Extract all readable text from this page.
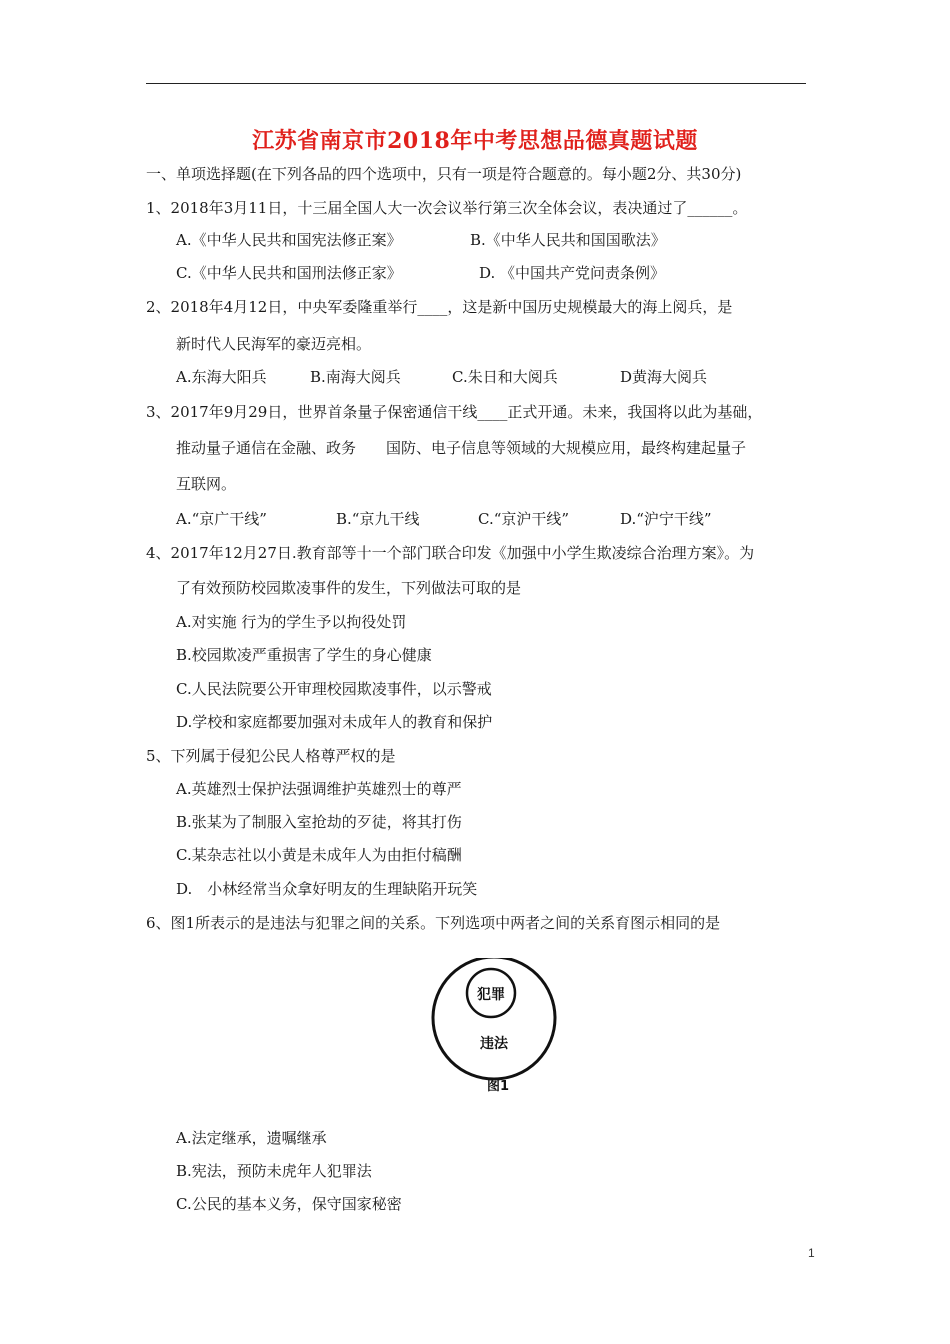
江苏省南京市2018年中考思想品德真题试题
一、单项选择题(在下列各品的四个选项中，只有一项是符合题意的。每小题2分、共30分)
1、2018年3月11日，十三届全国人大一次会议举行第三次全体会议，表决通过了______。
A.《中华人民共和国宪法修正案》	B.《中华人民共和国国歌法》
C.《中华人民共和国刑法修正家》	D. 《中国共产党问责条例》
2、2018年4月12日，中央军委隆重举行____，这是新中国历史规模最大的海上阅兵，是
新时代人民海军的豪迈亮相。
A.东海大阳兵	B.南海大阅兵	C.朱日和大阅兵	D黄海大阅兵
3、2017年9月29日，世界首条量子保密通信干线____正式开通。未来，我国将以此为基础，
推动量子通信在金融、政务　　国防、电子信息等领域的大规模应用，最终构建起量子
互联网。
A.“京广干线”	B.“京九干线	C.“京沪干线”	D.“沪宁干线”
4、2017年12月27日.教育部等十一个部门联合印发《加强中小学生欺凌综合治理方案》。为
了有效预防校园欺凌事件的发生，下列做法可取的是
A.对实施 行为的学生予以拘役处罚
B.校园欺凌严重损害了学生的身心健康
C.人民法院要公开审理校园欺凌事件，以示警戒
D.学校和家庭都要加强对未成年人的教育和保护
5、下列属于侵犯公民人格尊严权的是
A.英雄烈士保护法强调维护英雄烈士的尊严
B.张某为了制服入室抢劫的歹徒，将其打伤
C.某杂志社以小黄是未成年人为由拒付稿酬
D.　小林经常当众拿好明友的生理缺陷开玩笑
6、图1所表示的是违法与犯罪之间的关系。下列选项中两者之间的关系育图示相同的是
犯罪
违法
图1
A.法定继承，遗嘱继承
B.宪法，预防未虎年人犯罪法
C.公民的基本义务，保守国家秘密
1
